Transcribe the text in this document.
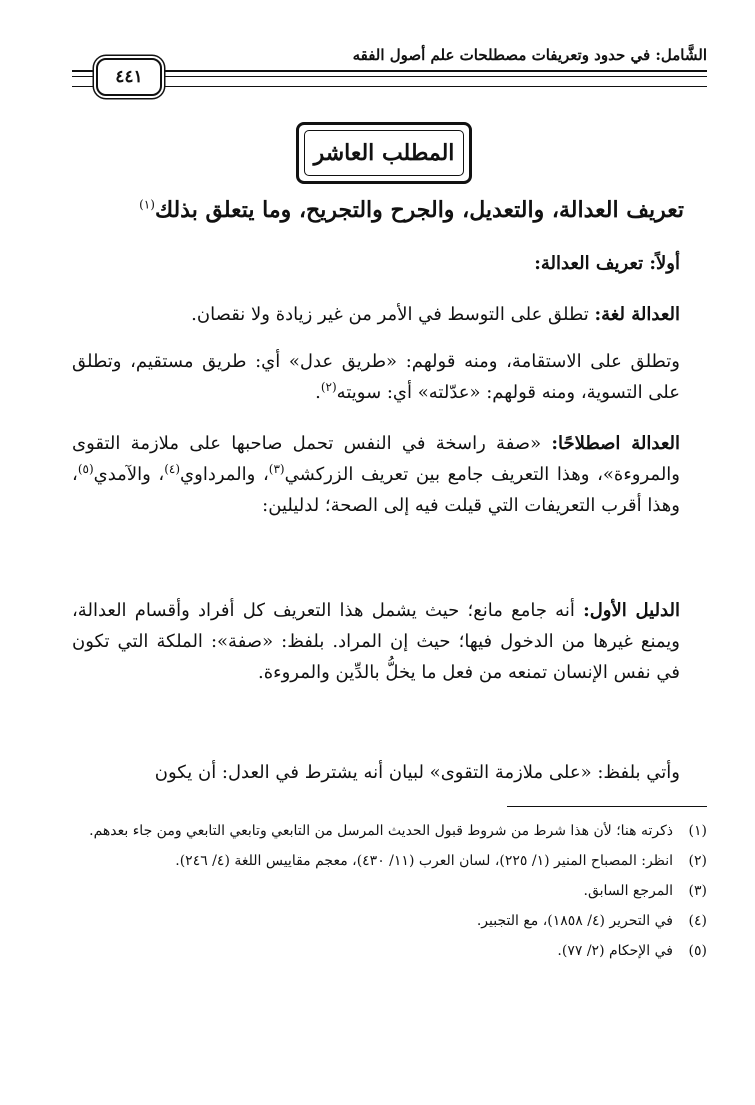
الشَّامل: في حدود وتعريفات مصطلحات علم أصول الفقه
٤٤١
المطلب العاشر
تعريف العدالة، والتعديل، والجرح والتجريح، وما يتعلق بذلك$^{(١)}$
أولاً: تعريف العدالة:
العدالة لغة: تطلق على التوسط في الأمر من غير زيادة ولا نقصان.
وتطلق على الاستقامة، ومنه قولهم: «طريق عدل» أي: طريق مستقيم، وتطلق على التسوية، ومنه قولهم: «عدّلته» أي: سويته$^{(٢)}$.
العدالة اصطلاحًا: «صفة راسخة في النفس تحمل صاحبها على ملازمة التقوى والمروءة»، وهذا التعريف جامع بين تعريف الزركشي$^{(٣)}$، والمرداوي$^{(٤)}$، والآمدي$^{(٥)}$، وهذا أقرب التعريفات التي قيلت فيه إلى الصحة؛ لدليلين:
الدليل الأول: أنه جامع مانع؛ حيث يشمل هذا التعريف كل أفراد وأقسام العدالة، ويمنع غيرها من الدخول فيها؛ حيث إن المراد. بلفظ: «صفة»: الملكة التي تكون في نفس الإنسان تمنعه من فعل ما يخلُّ بالدِّين والمروءة.
وأتي بلفظ: «على ملازمة التقوى» لبيان أنه يشترط في العدل: أن يكون
(١)
ذكرته هنا؛ لأن هذا شرط من شروط قبول الحديث المرسل من التابعي وتابعي التابعي ومن جاء بعدهم.
(٢)
انظر: المصباح المنير (١/ ٢٢٥)، لسان العرب (١١/ ٤٣٠)، معجم مقاييس اللغة (٤/ ٢٤٦).
(٣)
المرجع السابق.
(٤)
في التحرير (٤/ ١٨٥٨)، مع التجبير.
(٥)
في الإحكام (٢/ ٧٧).
